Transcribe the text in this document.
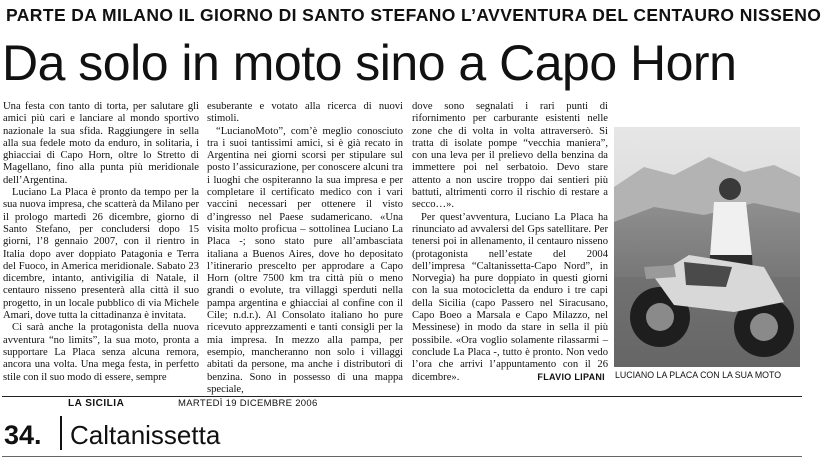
PARTE DA MILANO IL GIORNO DI SANTO STEFANO L’AVVENTURA DEL CENTAURO NISSENO
Da solo in moto sino a Capo Horn

Una festa con tanto di torta, per salutare gli amici più cari e lanciare al mondo sportivo nazionale la sua sfida. Raggiungere in sella alla sua fedele moto da enduro, in solitaria, i ghiacciai di Capo Horn, oltre lo Stretto di Magellano, fino alla punta più meridionale dell’Argentina.

Luciano La Placa è pronto da tempo per la sua nuova impresa, che scatterà da Milano per il prologo martedì 26 dicembre, giorno di Santo Stefano, per concludersi dopo 15 giorni, l’8 gennaio 2007, con il rientro in Italia dopo aver doppiato Patagonia e Terra del Fuoco, in America meridionale. Sabato 23 dicembre, intanto, antivigilia di Natale, il centauro nisseno presenterà alla città il suo progetto, in un locale pubblico di via Michele Amari, dove tutta la cittadinanza è invitata.

Ci sarà anche la protagonista della nuova avventura “no limits”, la sua moto, pronta a supportare La Placa senza alcuna remora, ancora una volta. Una mega festa, in perfetto stile con il suo modo di essere, sempre

esuberante e votato alla ricerca di nuovi stimoli.

“LucianoMoto”, com’è meglio conosciuto tra i suoi tantissimi amici, si è già recato in Argentina nei giorni scorsi per stipulare sul posto l’assicurazione, per conoscere alcuni tra i luoghi che ospiteranno la sua impresa e per completare il certificato medico con i vari vaccini necessari per ottenere il visto d’ingresso nel Paese sudamericano. «Una visita molto proficua – sottolinea Luciano La Placa -; sono stato pure all’ambasciata italiana a Buenos Aires, dove ho depositato l’itinerario prescelto per approdare a Capo Horn (oltre 7500 km tra città più o meno grandi o evolute, tra villaggi sperduti nella pampa argentina e ghiacciai al confine con il Cile; n.d.r.). Al Consolato italiano ho pure ricevuto apprezzamenti e tanti consigli per la mia impresa. In mezzo alla pampa, per esempio, mancheranno non solo i villaggi abitati da persone, ma anche i distributori di benzina. Sono in possesso di una mappa speciale,

dove sono segnalati i rari punti di rifornimento per carburante esistenti nelle zone che di volta in volta attraverserò. Si tratta di isolate pompe “vecchia maniera”, con una leva per il prelievo della benzina da immettere poi nel serbatoio. Devo stare attento a non uscire troppo dai sentieri più battuti, altrimenti corro il rischio di restare a secco…».

Per quest’avventura, Luciano La Placa ha rinunciato ad avvalersi del Gps satellitare. Per tenersi poi in allenamento, il centauro nisseno (protagonista nell’estate del 2004 dell’impresa “Caltanissetta-Capo Nord”, in Norvegia) ha pure doppiato in questi giorni con la sua motocicletta da enduro i tre capi della Sicilia (capo Passero nel Siracusano, Capo Boeo a Marsala e Capo Milazzo, nel Messinese) in modo da stare in sella il più possibile. «Ora voglio solamente rilassarmi – conclude La Placa -, tutto è pronto. Non vedo l’ora che arrivi l’appuntamento con il 26 dicembre».	FLAVIO LIPANI LUCIANO LA PLACA CON LA SUA MOTO
LA SICILIA	MARTEDÌ 19 DICEMBRE 2006
34.	Caltanissetta
